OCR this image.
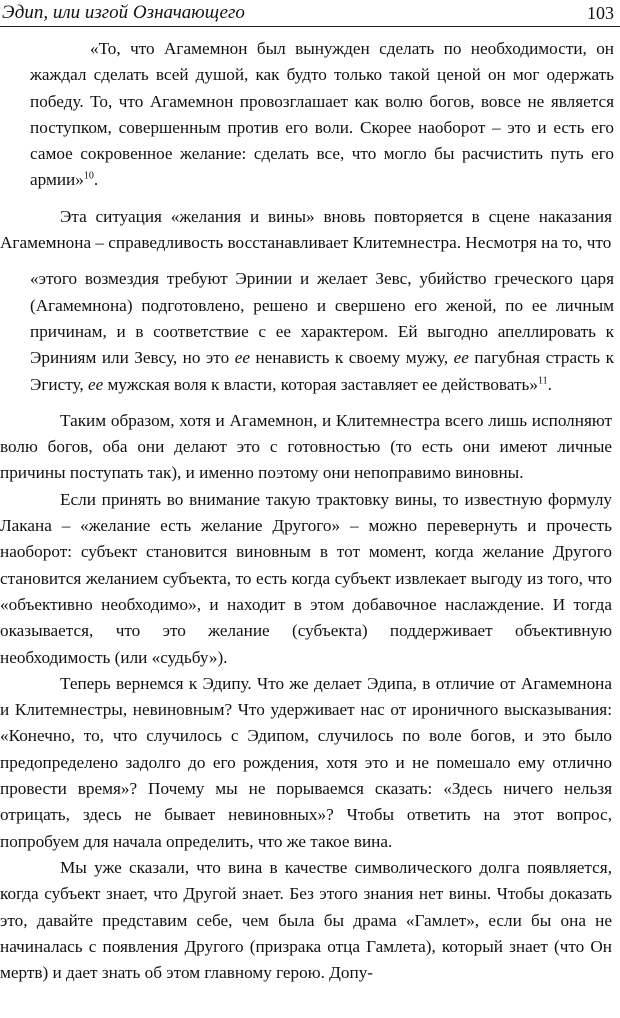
Эдип, или изгой Означающего	103

«То, что Агамемнон был вынужден сделать по необходимости, он жаждал сделать всей душой, как будто только такой ценой он мог одержать победу. То, что Агамемнон провозглашает как волю богов, вовсе не является поступком, совершенным против его воли. Скорее наоборот – это и есть его самое сокровенное желание: сделать все, что могло бы расчистить путь его армии»$^{10}$.

Эта ситуация «желания и вины» вновь повторяется в сцене наказания Агамемнона – справедливость восстанавливает Клитемнестра. Несмотря на то, что

«этого возмездия требуют Эринии и желает Зевс, убийство греческого царя (Агамемнона) подготовлено, решено и свершено его женой, по ее личным причинам, и в соответствие с ее характером. Ей выгодно апеллировать к Эриниям или Зевсу, но это ее ненависть к своему мужу, ее пагубная страсть к Эгисту, ее мужская воля к власти, которая заставляет ее действовать»$^{11}$.

Таким образом, хотя и Агамемнон, и Клитемнестра всего лишь исполняют волю богов, оба они делают это с готовностью (то есть они имеют личные причины поступать так), и именно поэтому они непоправимо виновны.

Если принять во внимание такую трактовку вины, то известную формулу Лакана – «желание есть желание Другого» – можно перевернуть и прочесть наоборот: субъект становится виновным в тот момент, когда желание Другого становится желанием субъекта, то есть когда субъект извлекает выгоду из того, что «объективно необходимо», и находит в этом добавочное наслаждение. И тогда оказывается, что это желание (субъекта) поддерживает объективную необходимость (или «судьбу»).

Теперь вернемся к Эдипу. Что же делает Эдипа, в отличие от Агамемнона и Клитемнестры, невиновным? Что удерживает нас от ироничного высказывания: «Конечно, то, что случилось с Эдипом, случилось по воле богов, и это было предопределено задолго до его рождения, хотя это и не помешало ему отлично провести время»? Почему мы не порываемся сказать: «Здесь ничего нельзя отрицать, здесь не бывает невиновных»? Чтобы ответить на этот вопрос, попробуем для начала определить, что же такое вина.

Мы уже сказали, что вина в качестве символического долга появляется, когда субъект знает, что Другой знает. Без этого знания нет вины. Чтобы доказать это, давайте представим себе, чем была бы драма «Гамлет», если бы она не начиналась с появления Другого (призрака отца Гамлета), который знает (что Он мертв) и дает знать об этом главному герою. Допу-
